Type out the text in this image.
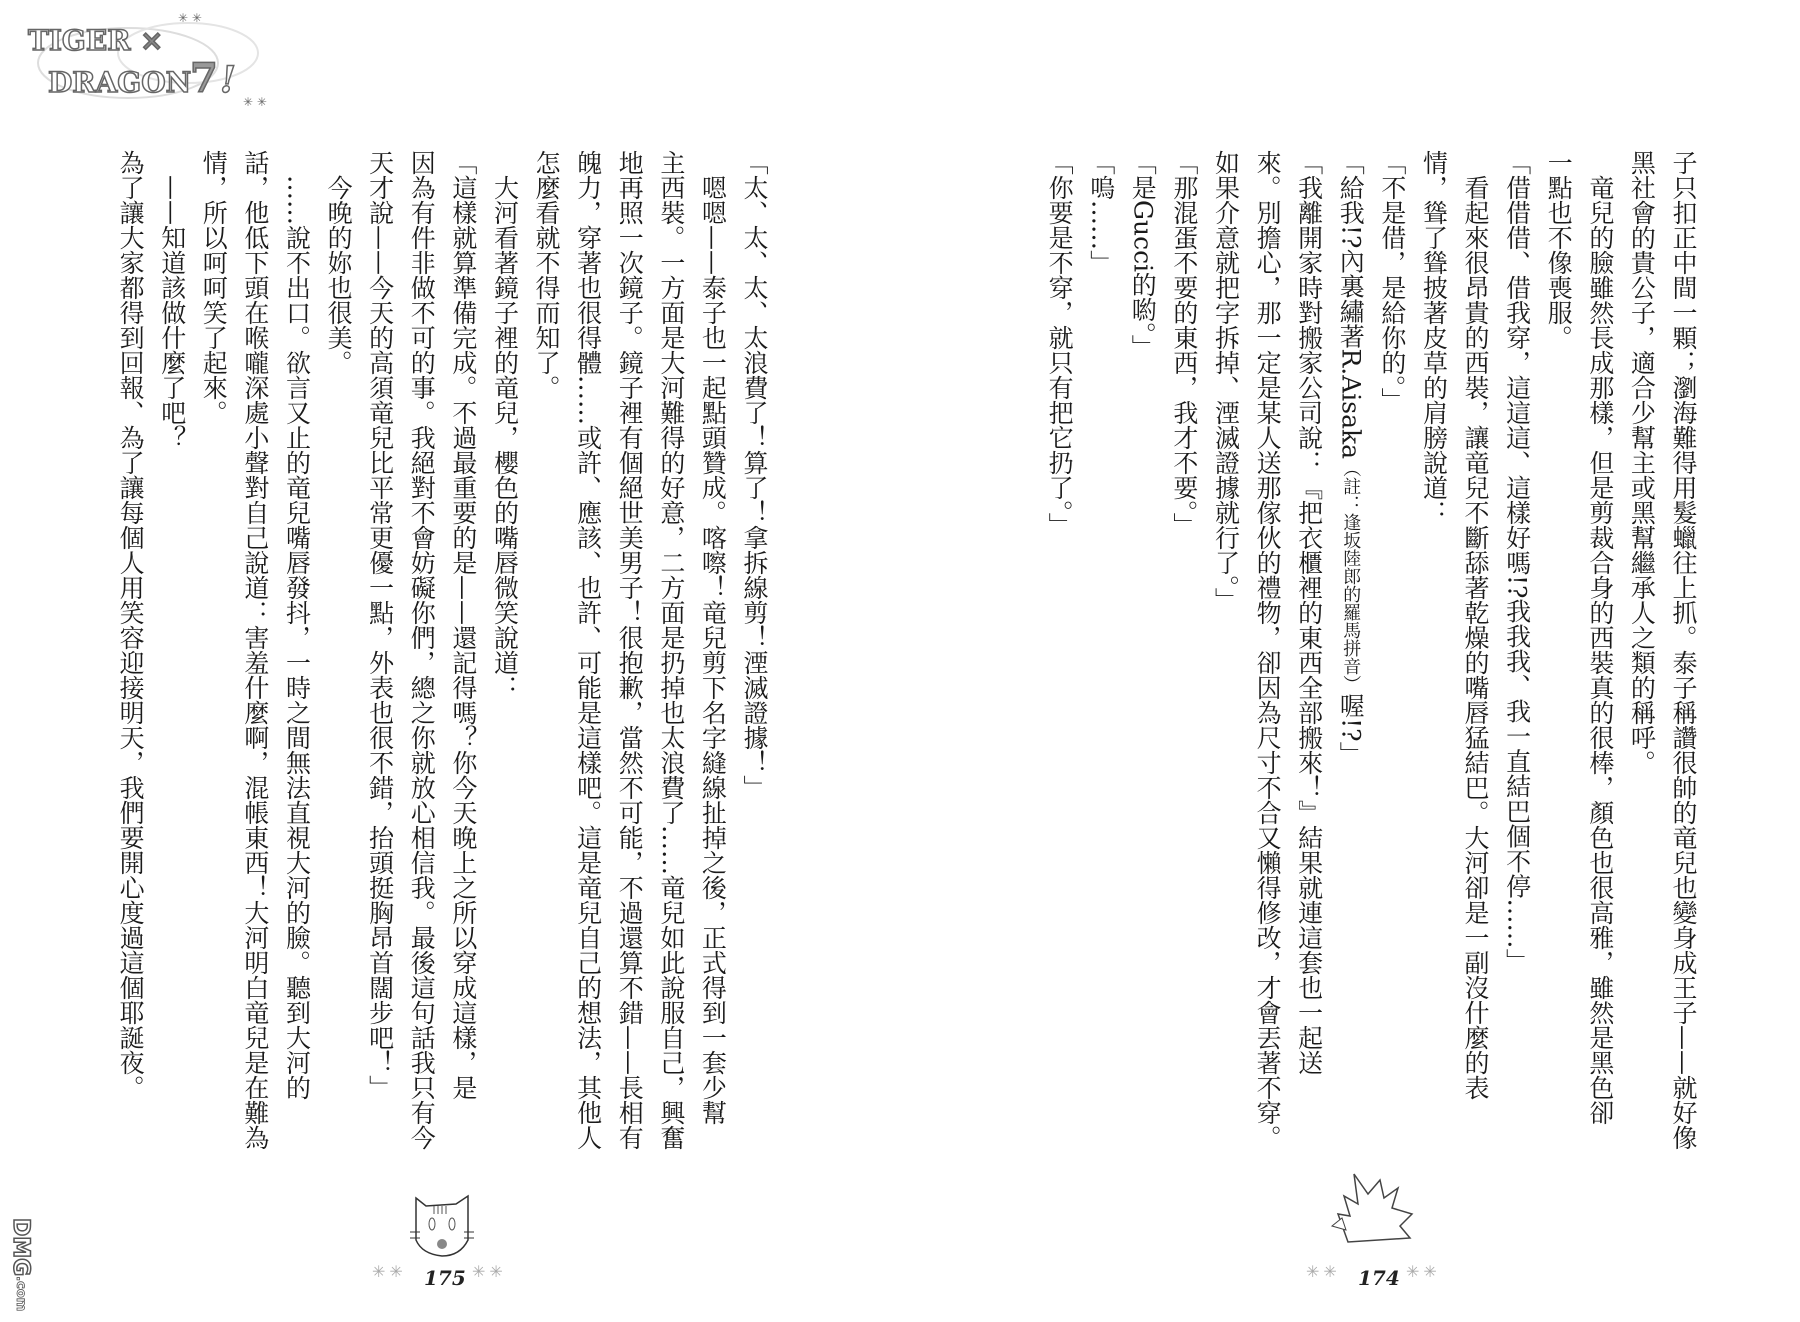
TIGER ×
DRAGON
7 !
✳ ✳
✳ ✳
子只扣正中間一顆；瀏海難得用髮蠟往上抓。泰子稱讚很帥的竜兒也變身成王子——就好像
黑社會的貴公子，適合少幫主或黑幫繼承人之類的稱呼。
　竜兒的臉雖然長成那樣，但是剪裁合身的西裝真的很棒，顏色也很高雅，雖然是黑色卻
一點也不像喪服。
「借借借、借我穿，這這這、這樣好嗎!?我我我、我一直結巴個不停……」
　看起來很昂貴的西裝，讓竜兒不斷舔著乾燥的嘴唇猛結巴。大河卻是一副沒什麼的表
情，聳了聳披著皮草的肩膀說道：
「不是借，是給你的。」
「給我!?內裏繡著R.Aisaka（註：逢坂陸郎的羅馬拼音）喔!?」
「我離開家時對搬家公司說：『把衣櫃裡的東西全部搬來！』結果就連這套也一起送
來。別擔心，那一定是某人送那傢伙的禮物，卻因為尺寸不合又懶得修改，才會丟著不穿。
如果介意就把字拆掉、湮滅證據就行了。」
「那混蛋不要的東西，我才不要。」
「是Gucci的喲。」
「嗚……」
「你要是不穿，就只有把它扔了。」
「太、太、太、太浪費了！算了！拿拆線剪！湮滅證據！」
　嗯嗯——泰子也一起點頭贊成。喀嚓！竜兒剪下名字縫線扯掉之後，正式得到一套少幫
主西裝。一方面是大河難得的好意，二方面是扔掉也太浪費了……竜兒如此說服自己，興奮
地再照一次鏡子。鏡子裡有個絕世美男子！很抱歉，當然不可能，不過還算不錯——長相有
魄力，穿著也很得體……或許、應該、也許、可能是這樣吧。這是竜兒自己的想法，其他人
怎麼看就不得而知了。
　大河看著鏡子裡的竜兒，櫻色的嘴唇微笑說道：
「這樣就算準備完成。不過最重要的是——還記得嗎？你今天晚上之所以穿成這樣，是
因為有件非做不可的事。我絕對不會妨礙你們，總之你就放心相信我。最後這句話我只有今
天才說——今天的高須竜兒比平常更優一點，外表也很不錯，抬頭挺胸昂首闊步吧！」
　今晚的妳也很美。
　……說不出口。欲言又止的竜兒嘴唇發抖，一時之間無法直視大河的臉。聽到大河的
話，他低下頭在喉嚨深處小聲對自己說道：害羞什麼啊，混帳東西！大河明白竜兒是在難為
情，所以呵呵笑了起來。
　——知道該做什麼了吧？
為了讓大家都得到回報、為了讓每個人用笑容迎接明天，我們要開心度過這個耶誕夜。
✳✳ 175 ✳✳	✳✳ 174 ✳✳
DMG.com
